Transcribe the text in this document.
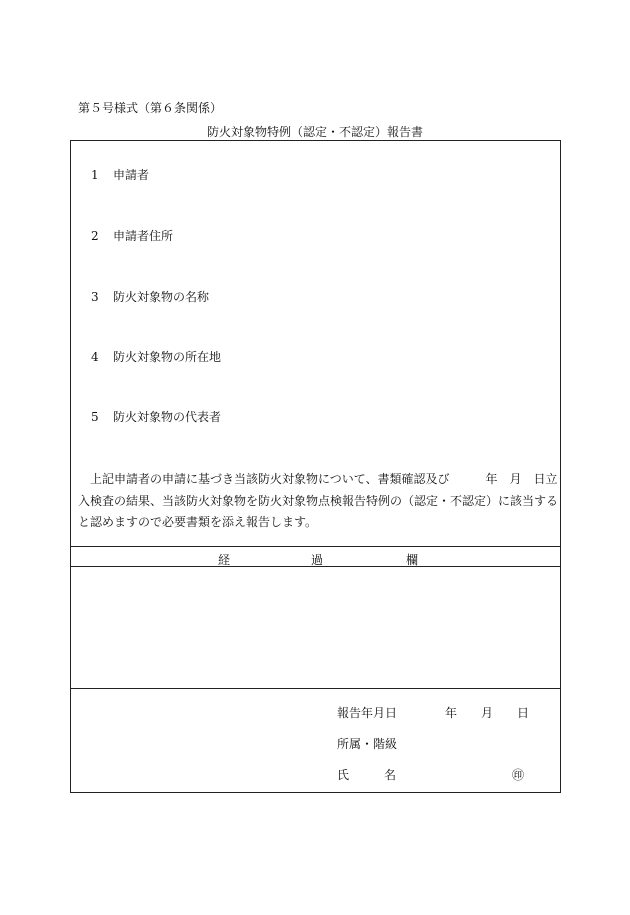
第５号様式（第６条関係）
防火対象物特例（認定・不認定）報告書
1 申請者
2 申請者住所
3 防火対象物の名称
4 防火対象物の所在地
5 防火対象物の代表者
上記申請者の申請に基づき当該防火対象物について、書類確認及び　　　年　月　日立
入検査の結果、当該防火対象物を防火対象物点検報告特例の（認定・不認定）に該当する
と認めますので必要書類を添え報告します。
経	過	欄
報告年月日	年 月 日
所属・階級
氏	名	㊞
